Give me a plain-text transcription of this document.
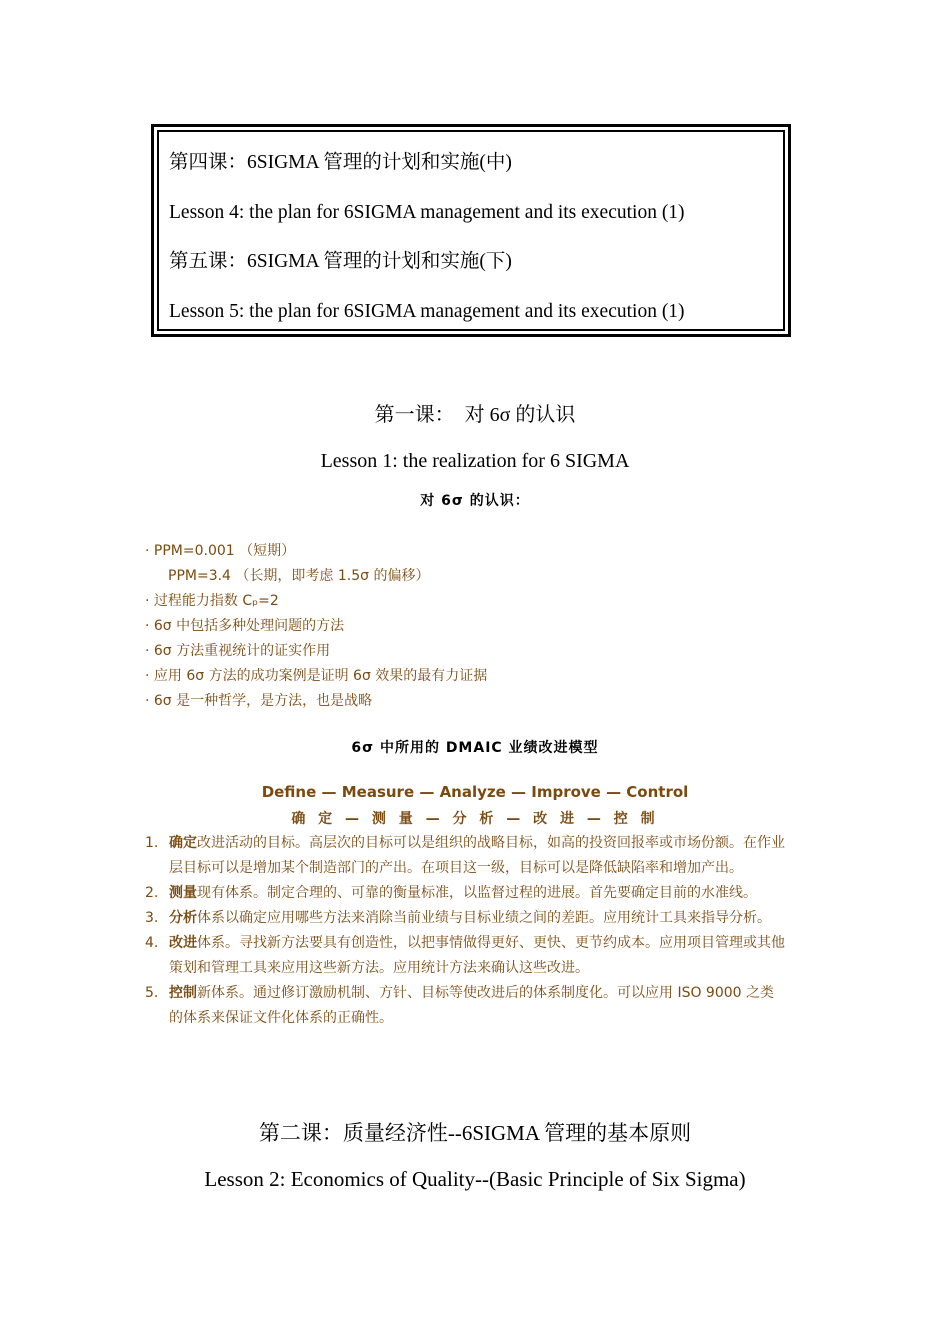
第四课：6SIGMA 管理的计划和实施(中)
Lesson 4: the plan for 6SIGMA management and its execution (1)
第五课：6SIGMA 管理的计划和实施(下)
Lesson 5: the plan for 6SIGMA management and its execution (1)
第一课：　对 6σ 的认识
Lesson 1: the realization for 6 SIGMA
对 6σ 的认识：
· PPM=0.001 （短期）
PPM=3.4 （长期，即考虑 1.5σ 的偏移）
· 过程能力指数 Cₚ=2
· 6σ 中包括多种处理问题的方法
· 6σ 方法重视统计的证实作用
· 应用 6σ 方法的成功案例是证明 6σ 效果的最有力证据
· 6σ 是一种哲学，是方法，也是战略
6σ 中所用的 DMAIC 业绩改进模型
Define — Measure — Analyze — Improve — Control
确 定 — 测 量 — 分 析 — 改 进 — 控 制
1. 确定改进活动的目标。高层次的目标可以是组织的战略目标，如高的投资回报率或市场份额。在作业层目标可以是增加某个制造部门的产出。在项目这一级，目标可以是降低缺陷率和增加产出。
2. 测量现有体系。制定合理的、可靠的衡量标准，以监督过程的进展。首先要确定目前的水准线。
3. 分析体系以确定应用哪些方法来消除当前业绩与目标业绩之间的差距。应用统计工具来指导分析。
4. 改进体系。寻找新方法要具有创造性，以把事情做得更好、更快、更节约成本。应用项目管理或其他策划和管理工具来应用这些新方法。应用统计方法来确认这些改进。
5. 控制新体系。通过修订激励机制、方针、目标等使改进后的体系制度化。可以应用 ISO 9000 之类的体系来保证文件化体系的正确性。
第二课：质量经济性--6SIGMA 管理的基本原则
Lesson 2: Economics of Quality--(Basic Principle of Six Sigma)
